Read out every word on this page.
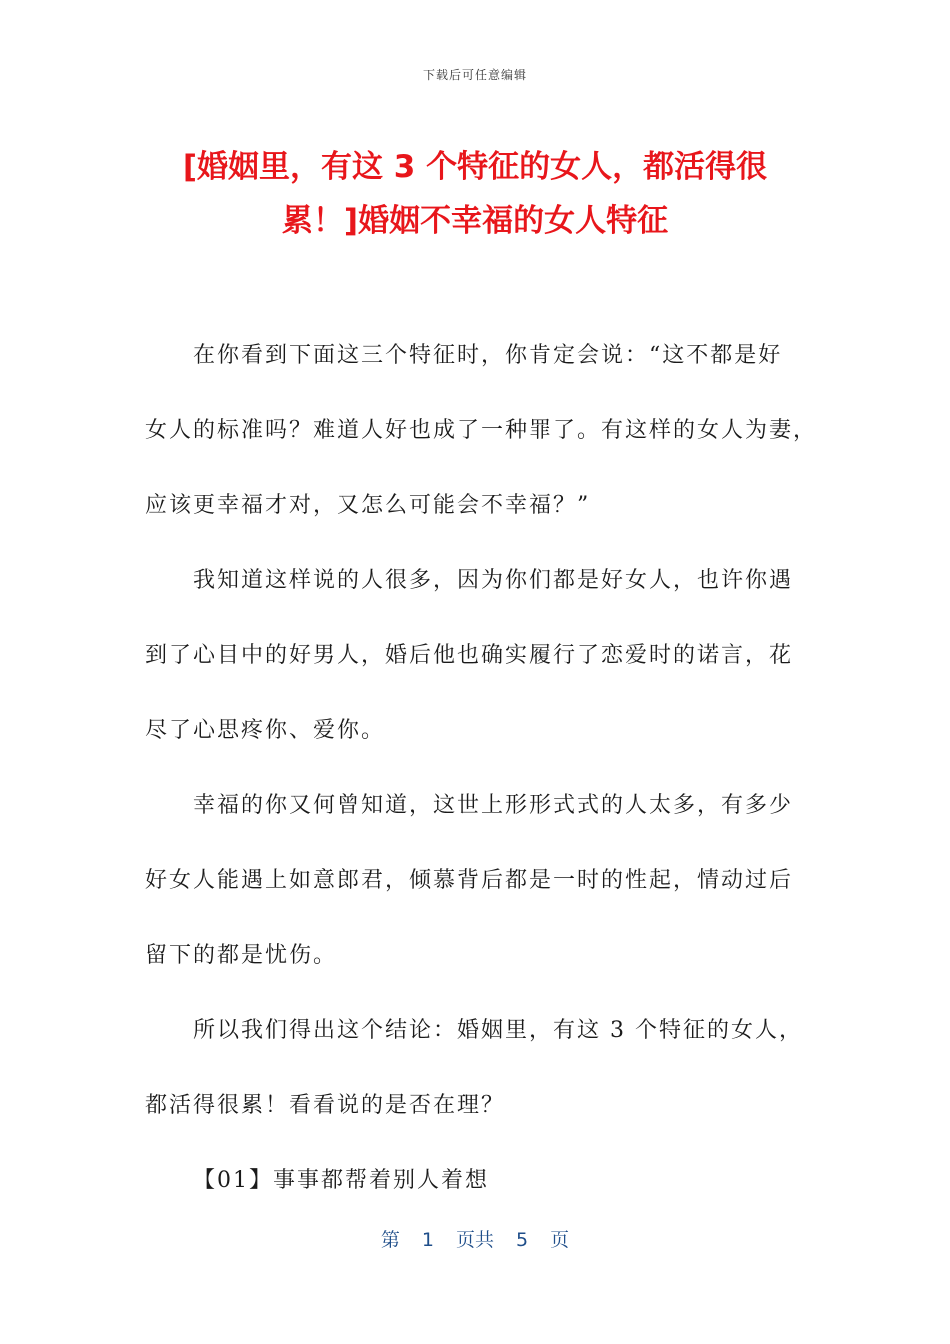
下载后可任意编辑
[婚姻里，有这 3 个特征的女人，都活得很
累！]婚姻不幸福的女人特征
在你看到下面这三个特征时，你肯定会说：“这不都是好
女人的标准吗？难道人好也成了一种罪了。有这样的女人为妻，
应该更幸福才对，又怎么可能会不幸福？”
我知道这样说的人很多，因为你们都是好女人，也许你遇
到了心目中的好男人，婚后他也确实履行了恋爱时的诺言，花
尽了心思疼你、爱你。
幸福的你又何曾知道，这世上形形式式的人太多，有多少
好女人能遇上如意郎君，倾慕背后都是一时的性起，情动过后
留下的都是忧伤。
所以我们得出这个结论：婚姻里，有这 3 个特征的女人，
都活得很累！看看说的是否在理？
【01】事事都帮着别人着想
第 1 页共 5 页
